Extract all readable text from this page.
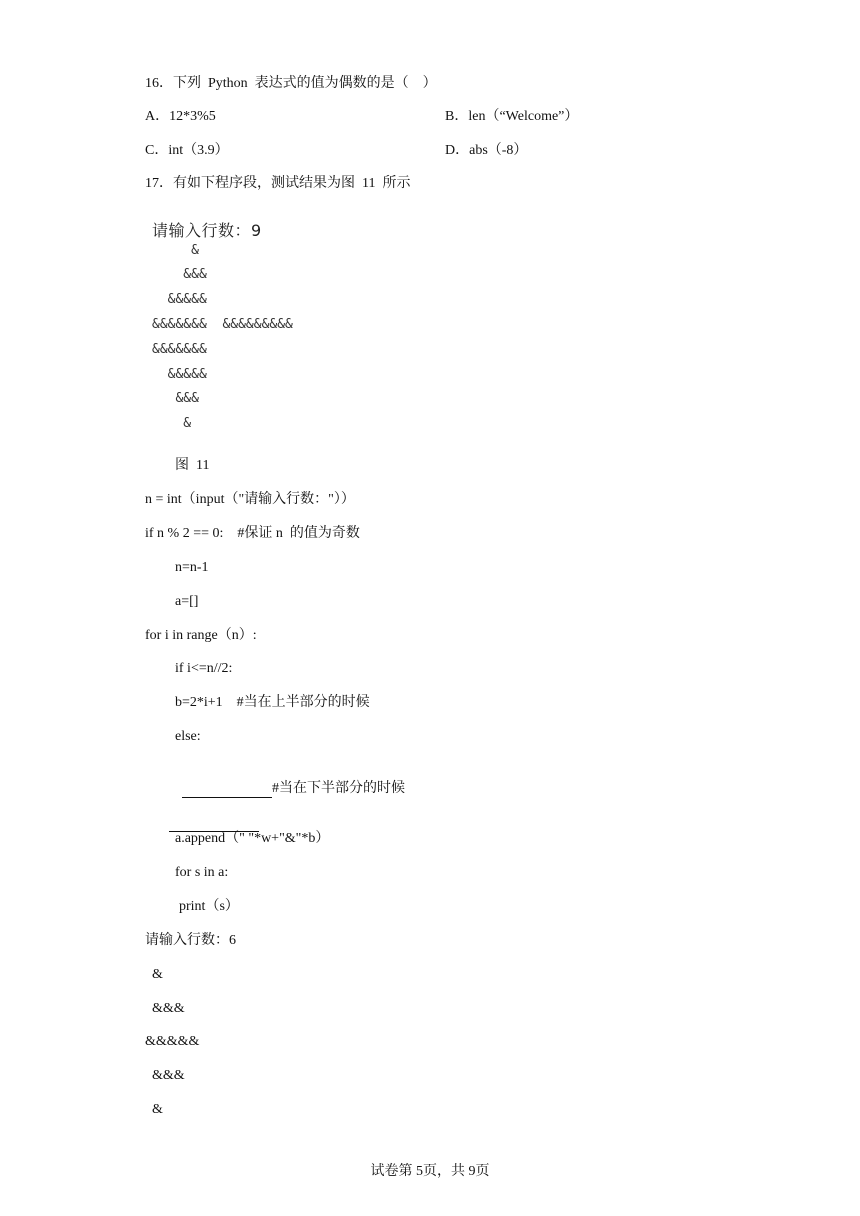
16．下列  Python  表达式的值为偶数的是（    ）
A．12*3%5	B．len（“Welcome”）
C．int（3.9）	D．abs（-8）
17．有如下程序段，测试结果为图  11  所示
请输入行数：9
&
&&&
&&&&&
&&&&&&&  &&&&&&&&&
&&&&&&&
&&&&&
&&&
&
图  11
n = int（input（"请输入行数："））
if n % 2 == 0:    #保证 n  的值为奇数
n=n-1
a=[]
for i in range（n）:
if i<=n//2:
b=2*i+1    #当在上半部分的时候
else:

#当在下半部分的时候

a.append（" "*w+"&"*b）
for s in a:
print（s）
请输入行数：6
&
&&&
&&&&&
&&&
&
试卷第 5页，共 9页
